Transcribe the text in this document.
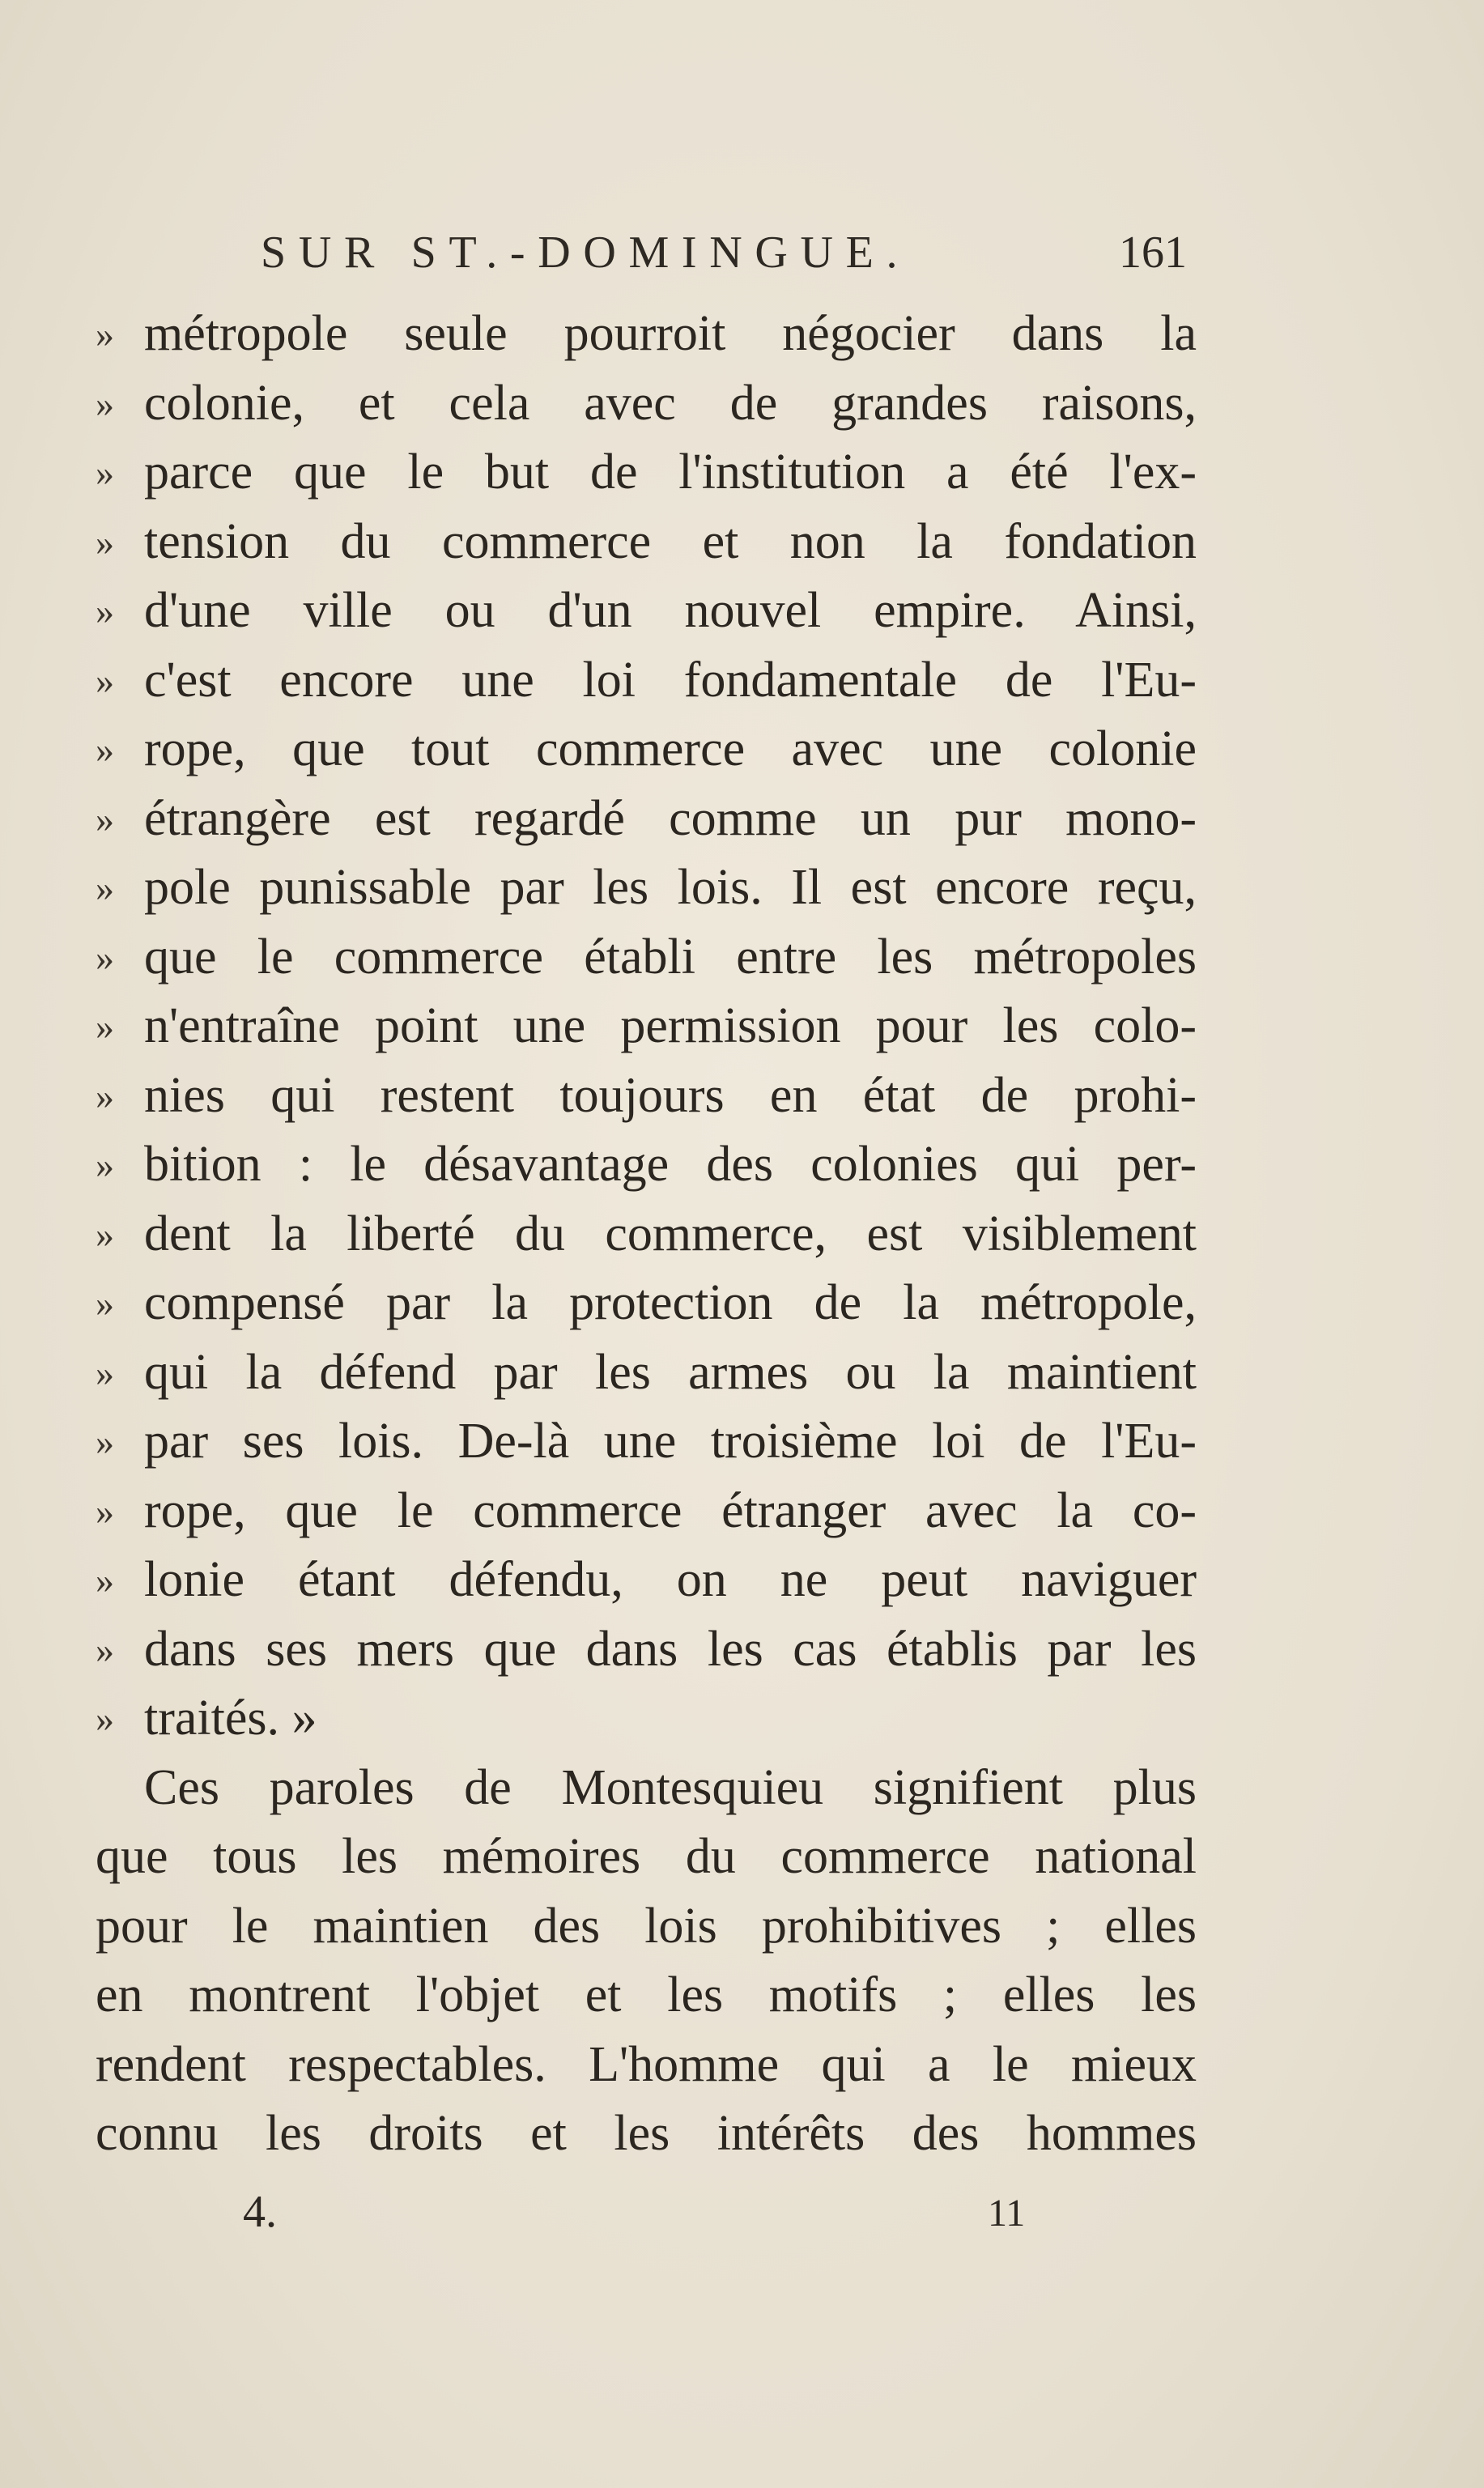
SUR ST.-DOMINGUE.	161
» métropole seule pourroit négocier dans la
» colonie, et cela avec de grandes raisons,
» parce que le but de l'institution a été l'ex-
» tension du commerce et non la fondation
» d'une ville ou d'un nouvel empire. Ainsi,
» c'est encore une loi fondamentale de l'Eu-
» rope, que tout commerce avec une colonie
» étrangère est regardé comme un pur mono-
» pole punissable par les lois. Il est encore reçu,
» que le commerce établi entre les métropoles
» n'entraîne point une permission pour les colo-
» nies qui restent toujours en état de prohi-
» bition : le désavantage des colonies qui per-
» dent la liberté du commerce, est visiblement
» compensé par la protection de la métropole,
» qui la défend par les armes ou la maintient
» par ses lois. De-là une troisième loi de l'Eu-
» rope, que le commerce étranger avec la co-
» lonie étant défendu, on ne peut naviguer
» dans ses mers que dans les cas établis par les
» traités. »
Ces paroles de Montesquieu signifient plus
que tous les mémoires du commerce national
pour le maintien des lois prohibitives ; elles
en montrent l'objet et les motifs ; elles les
rendent respectables. L'homme qui a le mieux
connu les droits et les intérêts des hommes
4.	11
